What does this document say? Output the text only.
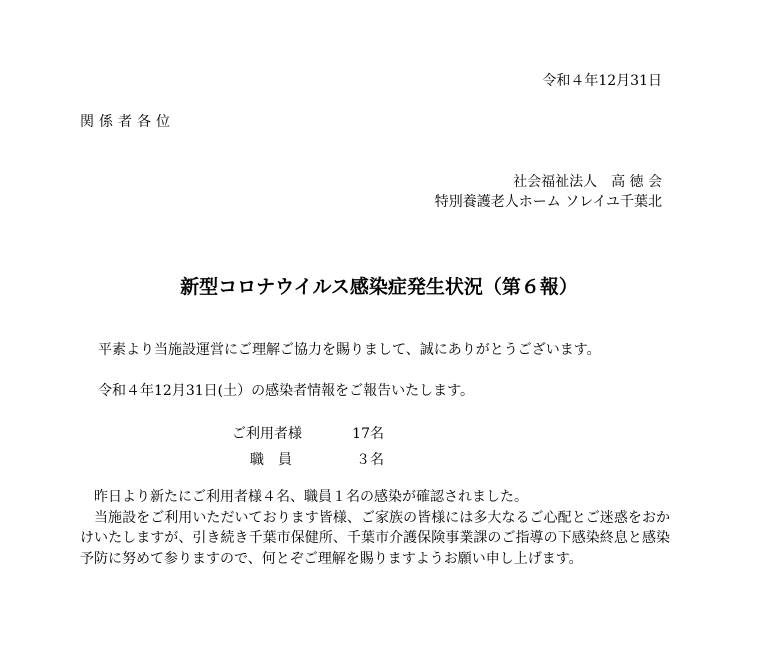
令和４年12月31日
関係者各位
社会福祉法人　高 徳 会
特別養護老人ホーム ソレイユ千葉北
新型コロナウイルス感染症発生状況（第６報）
平素より当施設運営にご理解ご協力を賜りまして、誠にありがとうございます。
令和４年12月31日(土）の感染者情報をご報告いたします。
ご利用者様	17名
職員	３名

昨日より新たにご利用者様４名、職員１名の感染が確認されました。

当施設をご利用いただいております皆様、ご家族の皆様には多大なるご心配とご迷惑をおかけいたしますが、引き続き千葉市保健所、千葉市介護保険事業課のご指導の下感染終息と感染予防に努めて参りますので、何とぞご理解を賜りますようお願い申し上げます。
